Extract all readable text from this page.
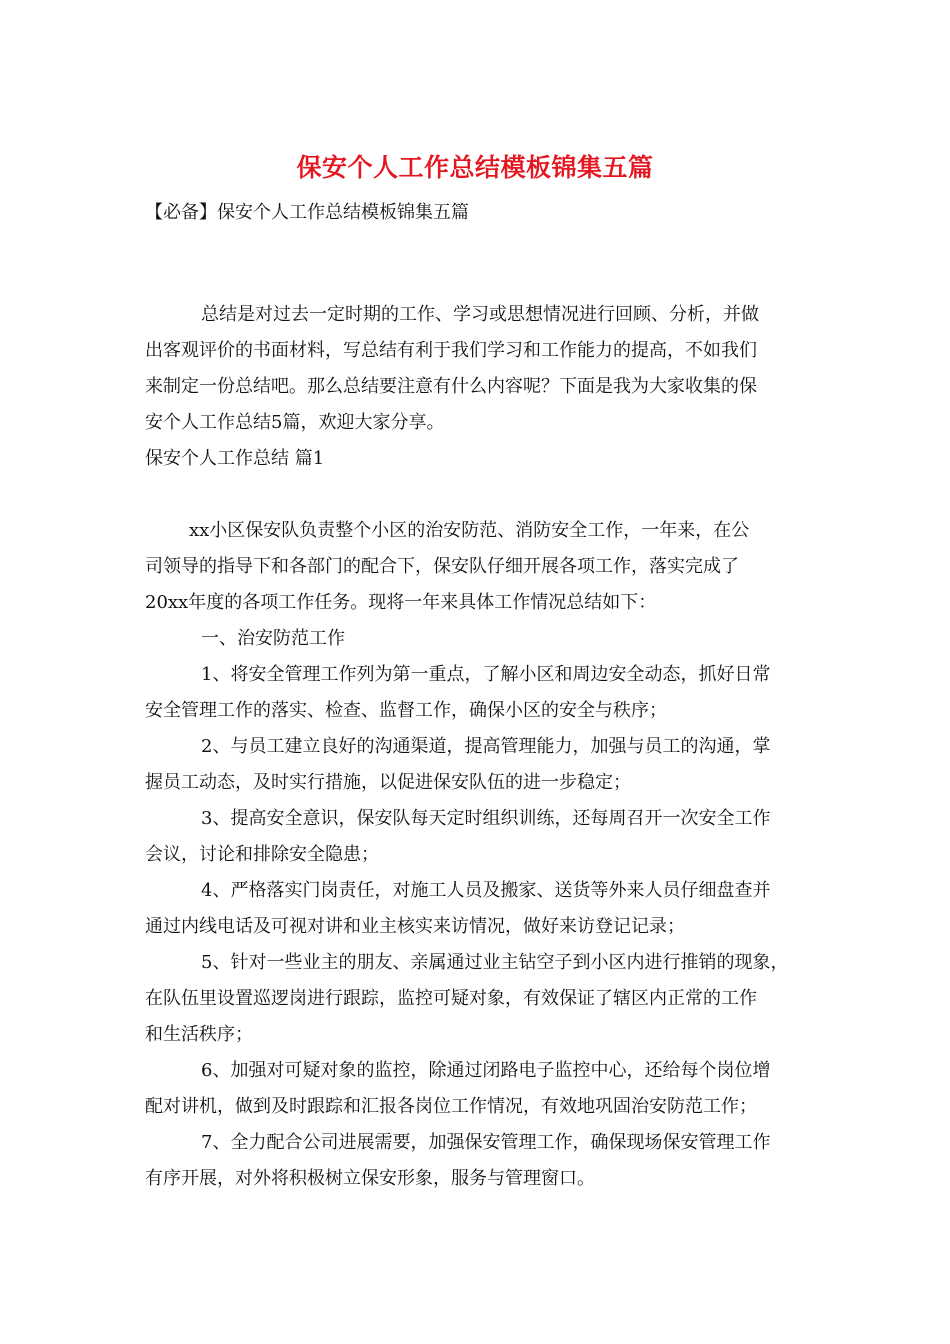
保安个人工作总结模板锦集五篇
【必备】保安个人工作总结模板锦集五篇

总结是对过去一定时期的工作、学习或思想情况进行回顾、分析，并做

出客观评价的书面材料，写总结有利于我们学习和工作能力的提高，不如我们

来制定一份总结吧。那么总结要注意有什么内容呢？下面是我为大家收集的保

安个人工作总结5篇，欢迎大家分享。

保安个人工作总结 篇1

xx小区保安队负责整个小区的治安防范、消防安全工作，一年来，在公

司领导的指导下和各部门的配合下，保安队仔细开展各项工作，落实完成了

20xx年度的各项工作任务。现将一年来具体工作情况总结如下：

一、治安防范工作

1、将安全管理工作列为第一重点，了解小区和周边安全动态，抓好日常

安全管理工作的落实、检查、监督工作，确保小区的安全与秩序；

2、与员工建立良好的沟通渠道，提高管理能力，加强与员工的沟通，掌

握员工动态，及时实行措施，以促进保安队伍的进一步稳定；

3、提高安全意识，保安队每天定时组织训练，还每周召开一次安全工作

会议，讨论和排除安全隐患；

4、严格落实门岗责任，对施工人员及搬家、送货等外来人员仔细盘查并

通过内线电话及可视对讲和业主核实来访情况，做好来访登记记录；

5、针对一些业主的朋友、亲属通过业主钻空子到小区内进行推销的现象，

在队伍里设置巡逻岗进行跟踪，监控可疑对象，有效保证了辖区内正常的工作

和生活秩序；

6、加强对可疑对象的监控，除通过闭路电子监控中心，还给每个岗位增

配对讲机，做到及时跟踪和汇报各岗位工作情况，有效地巩固治安防范工作；

7、全力配合公司进展需要，加强保安管理工作，确保现场保安管理工作

有序开展，对外将积极树立保安形象，服务与管理窗口。
